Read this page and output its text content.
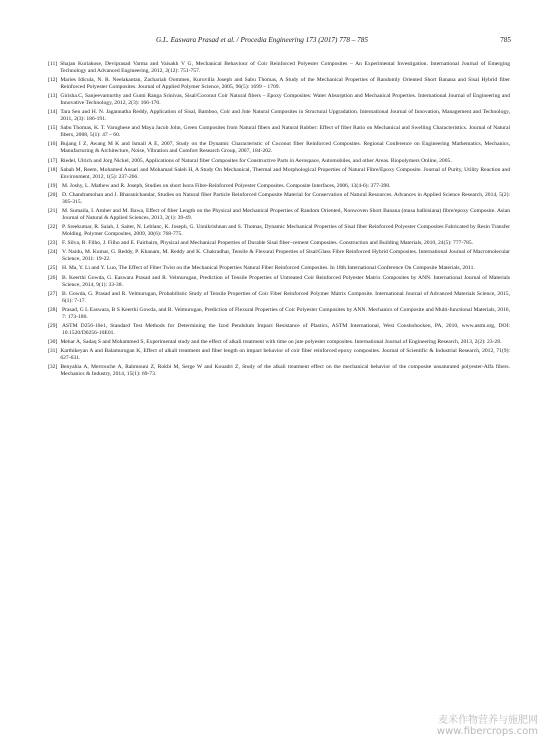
G.L. Easwara Prasad et al. / Procedia Engineering 173 (2017) 778 – 785	785
[11] Shajan Kuriakose, Deviprasad Varma and Vaisakh V G, Mechanical Behaviour of Coir Reinforced Polyester Composites – An Experimental Investigation. International Journal of Emerging Technology and Advanced Engineering, 2012, 2(12): 751-757.
[12] Maries Idicula, N. R. Neelakantan, Zachariah Oommen, Kuruvilla Joseph and Sabu Thomas, A Study of the Mechanical Properties of Randomly Oriented Short Banana and Sisal Hybrid fiber Reinforced Polyester Composites. Journal of Applied Polymer Science, 2005, 96(5): 1699 – 1709.
[13] Girisha.C, Sanjeevamurthy and Gunti Ranga Srinivas, Sisal/Coconut Coir Natural fibers – Epoxy Composites: Water Absorption and Mechanical Properties. International Journal of Engineering and Innovative Technology, 2012, 2(3): 166-170.
[14] Tara Sen and H. N. Jagannatha Reddy, Application of Sisal, Bamboo, Coir and Jute Natural Composites in Structural Upgradation. International Journal of Innovation, Management and Technology, 2011, 2(3): 186-191.
[15] Sabu Thomas, K. T. Varughese and Maya Jacob John, Green Composites from Natural fibers and Natural Rubber: Effect of fiber Ratio on Mechanical and Swelling Characteristics. Journal of Natural fibers, 2008, 5(1): 47 – 60.
[16] Bujang I Z, Awang M K and Ismail A E, 2007, Study on the Dynamic Characteristic of Coconut fiber Reinforced Composites. Regional Conference on Engineering Mathematics, Mechanics, Manufacturing & Architecture, Noise, Vibration and Comfort Research Group, 2007, 184-202.
[17] Riedel, Ulrich and Jorg Nickel, 2005, Applications of Natural fiber Composites for Constructive Parts in Aerospace, Automobiles, and other Areas. Biopolymers Online, 2005.
[18] Sabah M, Reem, Mohamed Ansari and Mohamad Saleh H, A Study On Mechanical, Thermal and Morphological Properties of Natural Fibre/Epoxy Composite. Journal of Purity, Utility Reaction and Environment, 2012, 1(5): 237-266.
[19] M. Joshy, L. Mathew and R. Joseph, Studies on short Isora Fibre-Reinforced Polyester Composites. Composite Interfaces, 2006, 13(4-6): 377-390.
[20] D. Chandramohan and J. Bharanichandar, Studies on Natural fiber Particle Reinforced Composite Material for Conservation of Natural Resources. Advances in Applied Science Research, 2014, 5(2): 305-315.
[21] M. Sumaila, I. Amber and M. Bawa, Effect of fiber Length on the Physical and Mechanical Properties of Random Oriented, Nonwoven Short Banana (musa balbisiana) fibre/epoxy Composite. Asian Journal of Natural & Applied Sciences, 2013, 2(1): 39-49.
[22] P. Sreekumar, R. Saiah, J. Saiter, N. Leblanc, K. Joseph, G. Unnikrishnan and S. Thomas, Dynamic Mechanical Properties of Sisal fiber Reinforced Polyester Composites Fabricated by Resin Transfer Molding. Polymer Composites, 2009, 30(6): 768-775.
[23] F. Silva, R. Filho, J. Filho and E. Fairbairn, Physical and Mechanical Properties of Durable Sisal fiber–cement Composites. Construction and Building Materials, 2010, 24(5): 777-785.
[24] V. Naidu, M. Kumar, G. Reddy, P. Khanam, M. Reddy and K. Chakradhar, Tensile & Flexural Properties of Sisal/Glass Fibre Reinforced Hybrid Composites. International Journal of Macromolecular Science, 2011: 19-22.
[25] H. Ma, Y. Li and Y. Luo, The Effect of Fiber Twist on the Mechanical Properties Natural Fiber Reinforced Composites. In 18th International Conference On Composite Materials, 2011.
[26] B. Keerthi Gowda, G. Easwara Prasad and R. Velmurugan, Prediction of Tensile Properties of Untreated Coir Reinforced Polyester Matrix Composites by ANN. International Journal of Materials Science, 2014, 9(1): 33-38.
[27] B. Gowda, G. Prasad and R. Velmurugan, Probabilistic Study of Tensile Properties of Coir Fiber Reinforced Polymer Matrix Composite. International Journal of Advanced Materials Science, 2015, 6(1): 7-17.
[28] Prasad, G L Easwara, B S Keerthi Gowda, and R. Velmurugan, Prediction of Flexural Properties of Coir Polyester Composites by ANN. Mechanics of Composite and Multi-functional Materials, 2016, 7: 173-180.
[29] ASTM D256-10e1, Standard Test Methods for Determining the Izod Pendulum Impact Resistance of Plastics, ASTM International, West Conshohocken, PA, 2010, www.astm.org, DOI: 10.1520/D0256-10E01.
[30] Mehar A, Sadaq S and Mohammed S, Experimental study and the effect of alkali treatment with time on jute polyester composites. International Journal of Engineering Research, 2013, 2(2): 23-28.
[31] Karthikeyan A and Balamurugan K, Effect of alkali treatment and fiber length on impact behavior of coir fiber reinforced epoxy composites. Journal of Scientific & Industrial Research, 2012, 71(9): 627-631.
[32] Benyahia A, Merrouche A, Rahmouni Z, Rokbi M, Serge W and Kouadri Z, Study of the alkali treatment effect on the mechanical behavior of the composite unsaturated polyester-Alfa fibers. Mechanics & Industry, 2014, 15(1): 69-73.
麦米作物营养与施肥网
www.fibercrops.com
